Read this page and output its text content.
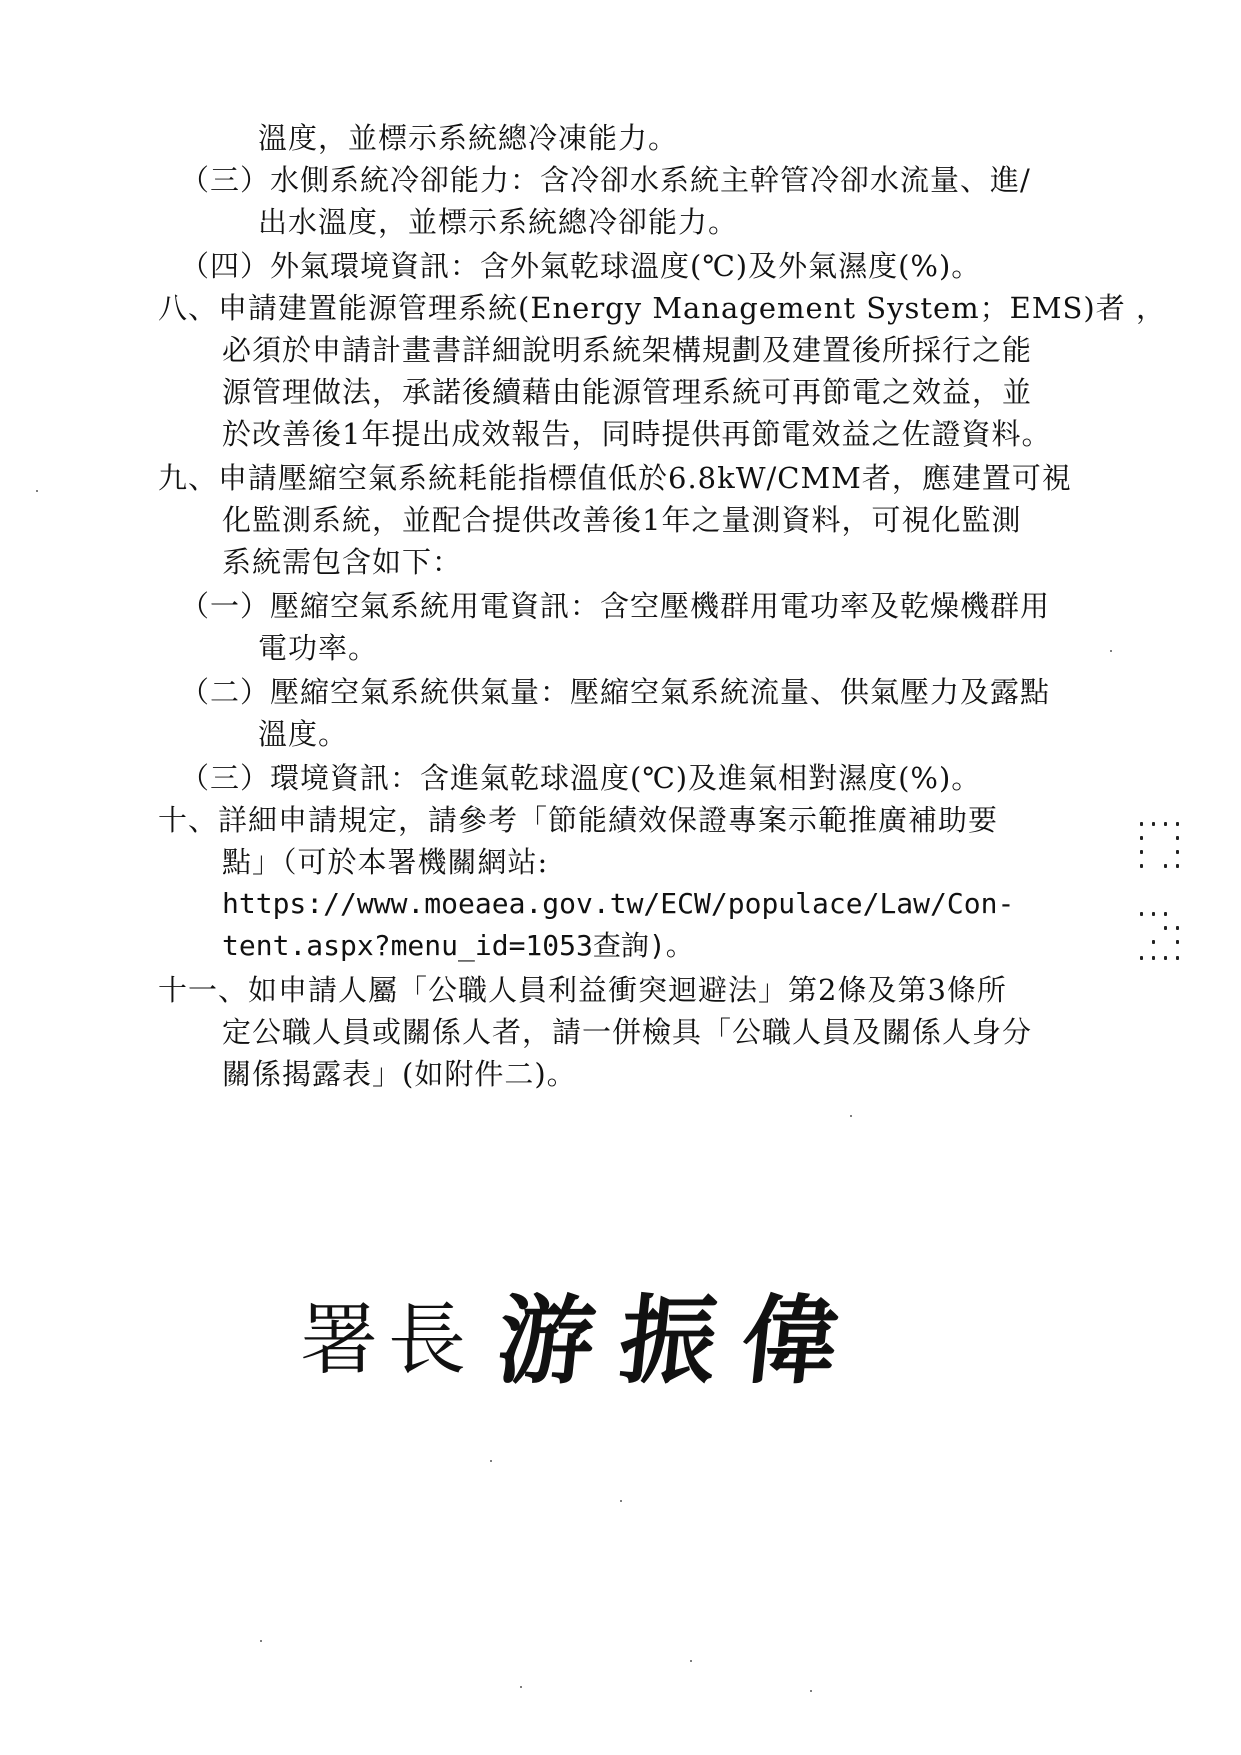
溫度，並標示系統總冷凍能力。
（三）水側系統冷卻能力：含冷卻水系統主幹管冷卻水流量、進/
出水溫度，並標示系統總冷卻能力。
（四）外氣環境資訊：含外氣乾球溫度(℃)及外氣濕度(%)。
八、申請建置能源管理系統(Energy Management System；EMS)者 ，
必須於申請計畫書詳細說明系統架構規劃及建置後所採行之能
源管理做法，承諾後續藉由能源管理系統可再節電之效益，並
於改善後1年提出成效報告，同時提供再節電效益之佐證資料。
九、申請壓縮空氣系統耗能指標值低於6.8kW/CMM者，應建置可視
化監測系統，並配合提供改善後1年之量測資料，可視化監測
系統需包含如下：
（一）壓縮空氣系統用電資訊：含空壓機群用電功率及乾燥機群用
電功率。
（二）壓縮空氣系統供氣量：壓縮空氣系統流量、供氣壓力及露點
溫度。
（三）環境資訊：含進氣乾球溫度(℃)及進氣相對濕度(%)。
十、詳細申請規定，請參考「節能績效保證專案示範推廣補助要
點」（可於本署機關網站:
https://www.moeaea.gov.tw/ECW/populace/Law/Con-
tent.aspx?menu_id=1053查詢)。
十一、如申請人屬「公職人員利益衝突迴避法」第2條及第3條所
定公職人員或關係人者，請一併檢具「公職人員及關係人身分
關係揭露表」(如附件二)。
署長 游振偉
